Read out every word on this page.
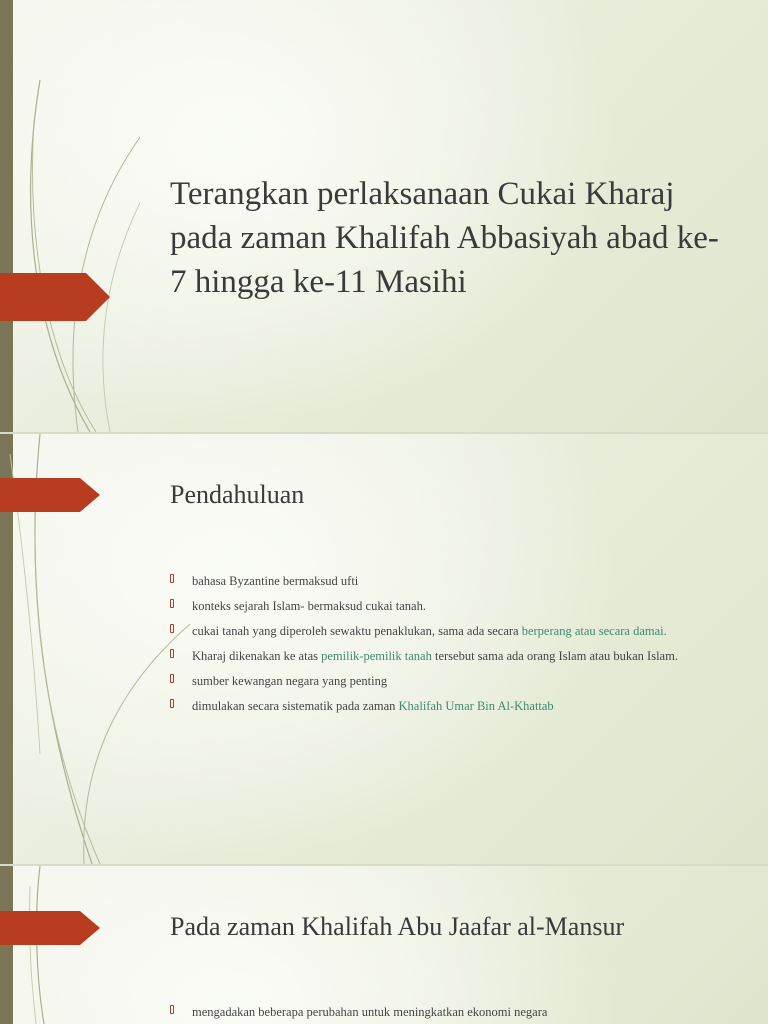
Terangkan perlaksanaan Cukai Kharaj pada zaman Khalifah Abbasiyah abad ke-7 hingga ke-11 Masihi
Pendahuluan
bahasa Byzantine bermaksud ufti
konteks sejarah Islam- bermaksud cukai tanah.
cukai tanah yang diperoleh sewaktu penaklukan, sama ada secara berperang atau secara damai.
Kharaj dikenakan ke atas pemilik-pemilik tanah tersebut sama ada orang Islam atau bukan Islam.
sumber kewangan negara yang penting
dimulakan secara sistematik pada zaman Khalifah Umar Bin Al-Khattab
Pada zaman Khalifah Abu Jaafar al-Mansur
mengadakan beberapa perubahan untuk meningkatkan ekonomi negara
